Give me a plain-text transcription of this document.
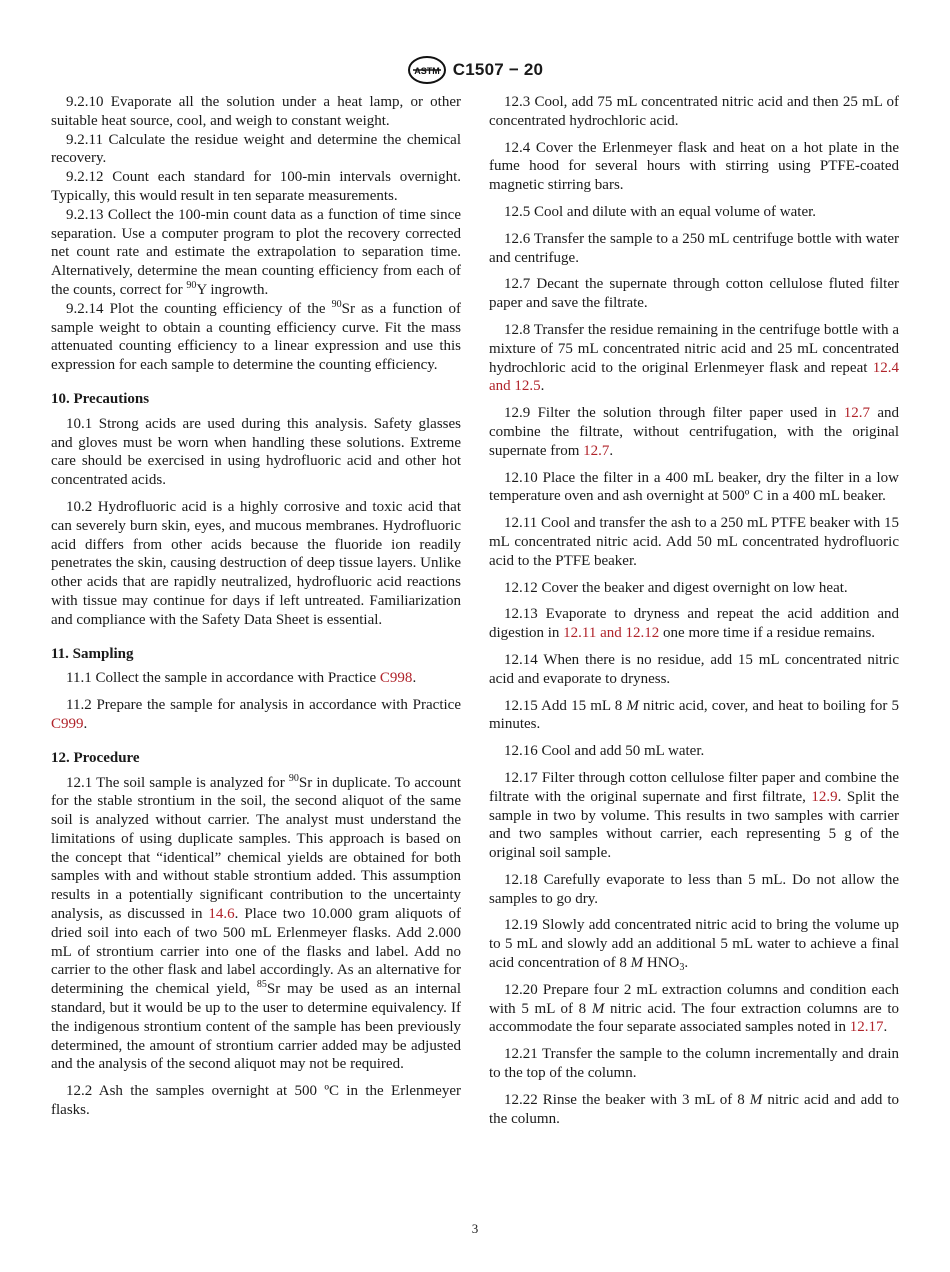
ASTM C1507 − 20

9.2.10 Evaporate all the solution under a heat lamp, or other suitable heat source, cool, and weigh to constant weight.

9.2.11 Calculate the residue weight and determine the chemical recovery.

9.2.12 Count each standard for 100-min intervals overnight. Typically, this would result in ten separate measurements.

9.2.13 Collect the 100-min count data as a function of time since separation. Use a computer program to plot the recovery corrected net count rate and estimate the extrapolation to separation time. Alternatively, determine the mean counting efficiency from each of the counts, correct for $^{90}$Y ingrowth.

9.2.14 Plot the counting efficiency of the $^{90}$Sr as a function of sample weight to obtain a counting efficiency curve. Fit the mass attenuated counting efficiency to a linear expression and use this expression for each sample to determine the counting efficiency.

10. Precautions

10.1 Strong acids are used during this analysis. Safety glasses and gloves must be worn when handling these solutions. Extreme care should be exercised in using hydrofluoric acid and other hot concentrated acids.

10.2 Hydrofluoric acid is a highly corrosive and toxic acid that can severely burn skin, eyes, and mucous membranes. Hydrofluoric acid differs from other acids because the fluoride ion readily penetrates the skin, causing destruction of deep tissue layers. Unlike other acids that are rapidly neutralized, hydrofluoric acid reactions with tissue may continue for days if left untreated. Familiarization and compliance with the Safety Data Sheet is essential.

11. Sampling

11.1 Collect the sample in accordance with Practice C998.

11.2 Prepare the sample for analysis in accordance with Practice C999.

12. Procedure

12.1 The soil sample is analyzed for $^{90}$Sr in duplicate. To account for the stable strontium in the soil, the second aliquot of the same soil is analyzed without carrier. The analyst must understand the limitations of using duplicate samples. This approach is based on the concept that “identical” chemical yields are obtained for both samples with and without stable strontium added. This assumption results in a potentially significant contribution to the uncertainty analysis, as discussed in 14.6. Place two 10.000 gram aliquots of dried soil into each of two 500 mL Erlenmeyer flasks. Add 2.000 mL of strontium carrier into one of the flasks and label. Add no carrier to the other flask and label accordingly. As an alternative for determining the chemical yield, $^{85}$Sr may be used as an internal standard, but it would be up to the user to determine equivalency. If the indigenous strontium content of the sample has been previously determined, the amount of strontium carrier added may be adjusted and the analysis of the second aliquot may not be required.

12.2 Ash the samples overnight at 500 ºC in the Erlenmeyer flasks.

12.3 Cool, add 75 mL concentrated nitric acid and then 25 mL of concentrated hydrochloric acid.

12.4 Cover the Erlenmeyer flask and heat on a hot plate in the fume hood for several hours with stirring using PTFE-coated magnetic stirring bars.

12.5 Cool and dilute with an equal volume of water.

12.6 Transfer the sample to a 250 mL centrifuge bottle with water and centrifuge.

12.7 Decant the supernate through cotton cellulose fluted filter paper and save the filtrate.

12.8 Transfer the residue remaining in the centrifuge bottle with a mixture of 75 mL concentrated nitric acid and 25 mL concentrated hydrochloric acid to the original Erlenmeyer flask and repeat 12.4 and 12.5.

12.9 Filter the solution through filter paper used in 12.7 and combine the filtrate, without centrifugation, with the original supernate from 12.7.

12.10 Place the filter in a 400 mL beaker, dry the filter in a low temperature oven and ash overnight at 500º C in a 400 mL beaker.

12.11 Cool and transfer the ash to a 250 mL PTFE beaker with 15 mL concentrated nitric acid. Add 50 mL concentrated hydrofluoric acid to the PTFE beaker.

12.12 Cover the beaker and digest overnight on low heat.

12.13 Evaporate to dryness and repeat the acid addition and digestion in 12.11 and 12.12 one more time if a residue remains.

12.14 When there is no residue, add 15 mL concentrated nitric acid and evaporate to dryness.

12.15 Add 15 mL 8 M nitric acid, cover, and heat to boiling for 5 minutes.

12.16 Cool and add 50 mL water.

12.17 Filter through cotton cellulose filter paper and combine the filtrate with the original supernate and first filtrate, 12.9. Split the sample in two by volume. This results in two samples with carrier and two samples without carrier, each representing 5 g of the original soil sample.

12.18 Carefully evaporate to less than 5 mL. Do not allow the samples to go dry.

12.19 Slowly add concentrated nitric acid to bring the volume up to 5 mL and slowly add an additional 5 mL water to achieve a final acid concentration of 8 M $HNO_3$.

12.20 Prepare four 2 mL extraction columns and condition each with 5 mL of 8 M nitric acid. The four extraction columns are to accommodate the four separate associated samples noted in 12.17.

12.21 Transfer the sample to the column incrementally and drain to the top of the column.

12.22 Rinse the beaker with 3 mL of 8 M nitric acid and add to the column.

3
